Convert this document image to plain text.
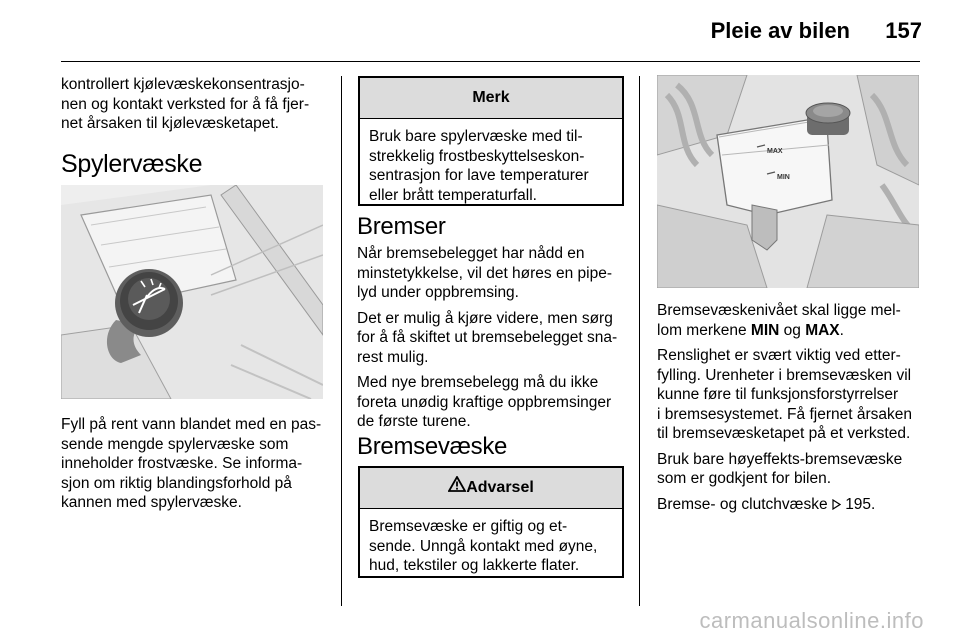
Pleie av bilen 157

kontrollert kjølevæskekonsentrasjo-
nen og kontakt verksted for å få fjer-
net årsaken til kjølevæsketapet.

Spylervæske

Fyll på rent vann blandet med en pas-
sende mengde spylervæske som
inneholder frostvæske. Se informa-
sjon om riktig blandingsforhold på
kannen med spylervæske.

Merk
Bruk bare spylervæske med til-
strekkelig frostbeskyttelseskon-
sentrasjon for lave temperaturer
eller brått temperaturfall.
Bremser

Når bremsebelegget har nådd en
minstetykkelse, vil det høres en pipe-
lyd under oppbremsing.

Det er mulig å kjøre videre, men sørg
for å få skiftet ut bremsebelegget sna-
rest mulig.

Med nye bremsebelegg må du ikke
foreta unødig kraftige oppbremsinger
de første turene.

Bremsevæske
Advarsel
Bremsevæske er giftig og et-
sende. Unngå kontakt med øyne,
hud, tekstiler og lakkerte flater.
MAX
MIN

Bremsevæskenivået skal ligge mel-
lom merkene MIN og MAX.

Renslighet er svært viktig ved etter-
fylling. Urenheter i bremsevæsken vil
kunne føre til funksjonsforstyrrelser
i bremsesystemet. Få fjernet årsaken
til bremsevæsketapet på et verksted.

Bruk bare høyeffekts-bremsevæske
som er godkjent for bilen.

Bremse- og clutchvæske  195.

carmanualsonline.info
